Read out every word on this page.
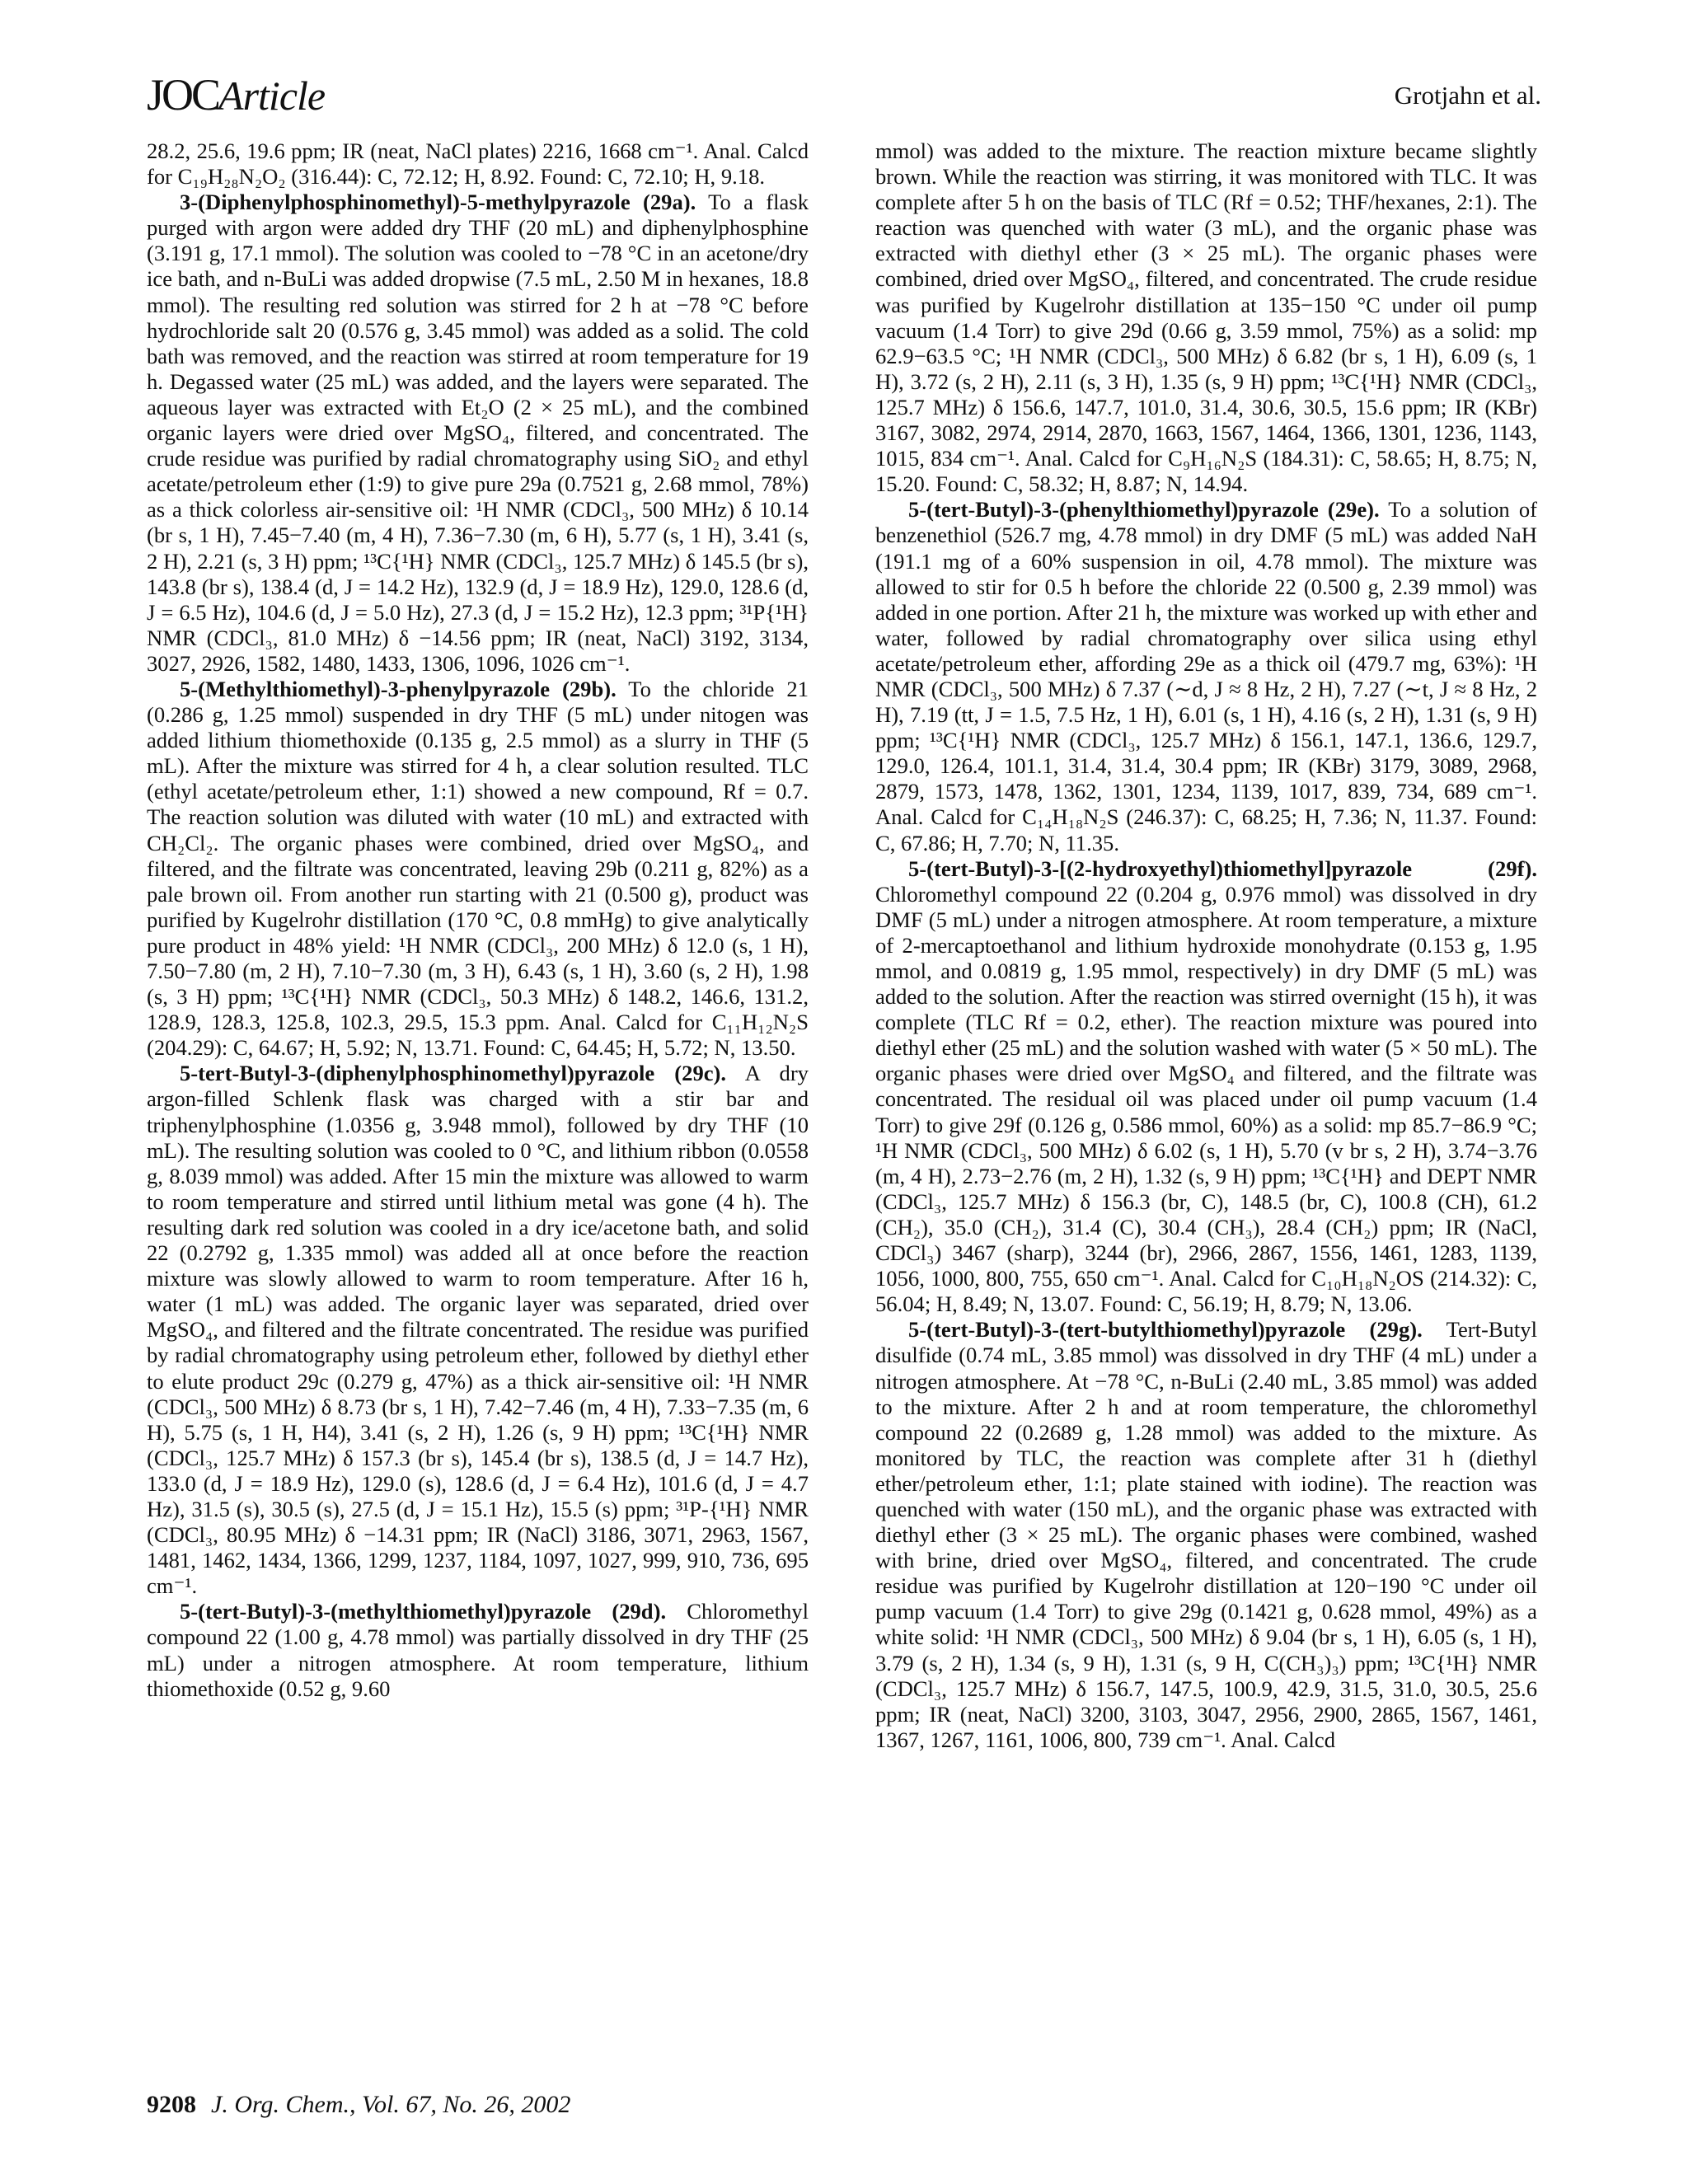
JOCArticle	Grotjahn et al.

28.2, 25.6, 19.6 ppm; IR (neat, NaCl plates) 2216, 1668 cm⁻¹. Anal. Calcd for C₁₉H₂₈N₂O₂ (316.44): C, 72.12; H, 8.92. Found: C, 72.10; H, 9.18.

3-(Diphenylphosphinomethyl)-5-methylpyrazole (29a). To a flask purged with argon were added dry THF (20 mL) and diphenylphosphine (3.191 g, 17.1 mmol). The solution was cooled to −78 °C in an acetone/dry ice bath, and n-BuLi was added dropwise (7.5 mL, 2.50 M in hexanes, 18.8 mmol). The resulting red solution was stirred for 2 h at −78 °C before hydrochloride salt 20 (0.576 g, 3.45 mmol) was added as a solid. The cold bath was removed, and the reaction was stirred at room temperature for 19 h. Degassed water (25 mL) was added, and the layers were separated. The aqueous layer was extracted with Et₂O (2 × 25 mL), and the combined organic layers were dried over MgSO₄, filtered, and concentrated. The crude residue was purified by radial chromatography using SiO₂ and ethyl acetate/petroleum ether (1:9) to give pure 29a (0.7521 g, 2.68 mmol, 78%) as a thick colorless air-sensitive oil: ¹H NMR (CDCl₃, 500 MHz) δ 10.14 (br s, 1 H), 7.45−7.40 (m, 4 H), 7.36−7.30 (m, 6 H), 5.77 (s, 1 H), 3.41 (s, 2 H), 2.21 (s, 3 H) ppm; ¹³C{¹H} NMR (CDCl₃, 125.7 MHz) δ 145.5 (br s), 143.8 (br s), 138.4 (d, J = 14.2 Hz), 132.9 (d, J = 18.9 Hz), 129.0, 128.6 (d, J = 6.5 Hz), 104.6 (d, J = 5.0 Hz), 27.3 (d, J = 15.2 Hz), 12.3 ppm; ³¹P{¹H} NMR (CDCl₃, 81.0 MHz) δ −14.56 ppm; IR (neat, NaCl) 3192, 3134, 3027, 2926, 1582, 1480, 1433, 1306, 1096, 1026 cm⁻¹.

5-(Methylthiomethyl)-3-phenylpyrazole (29b). To the chloride 21 (0.286 g, 1.25 mmol) suspended in dry THF (5 mL) under nitogen was added lithium thiomethoxide (0.135 g, 2.5 mmol) as a slurry in THF (5 mL). After the mixture was stirred for 4 h, a clear solution resulted. TLC (ethyl acetate/petroleum ether, 1:1) showed a new compound, Rf = 0.7. The reaction solution was diluted with water (10 mL) and extracted with CH₂Cl₂. The organic phases were combined, dried over MgSO₄, and filtered, and the filtrate was concentrated, leaving 29b (0.211 g, 82%) as a pale brown oil. From another run starting with 21 (0.500 g), product was purified by Kugelrohr distillation (170 °C, 0.8 mmHg) to give analytically pure product in 48% yield: ¹H NMR (CDCl₃, 200 MHz) δ 12.0 (s, 1 H), 7.50−7.80 (m, 2 H), 7.10−7.30 (m, 3 H), 6.43 (s, 1 H), 3.60 (s, 2 H), 1.98 (s, 3 H) ppm; ¹³C{¹H} NMR (CDCl₃, 50.3 MHz) δ 148.2, 146.6, 131.2, 128.9, 128.3, 125.8, 102.3, 29.5, 15.3 ppm. Anal. Calcd for C₁₁H₁₂N₂S (204.29): C, 64.67; H, 5.92; N, 13.71. Found: C, 64.45; H, 5.72; N, 13.50.

5-tert-Butyl-3-(diphenylphosphinomethyl)pyrazole (29c). A dry argon-filled Schlenk flask was charged with a stir bar and triphenylphosphine (1.0356 g, 3.948 mmol), followed by dry THF (10 mL). The resulting solution was cooled to 0 °C, and lithium ribbon (0.0558 g, 8.039 mmol) was added. After 15 min the mixture was allowed to warm to room temperature and stirred until lithium metal was gone (4 h). The resulting dark red solution was cooled in a dry ice/acetone bath, and solid 22 (0.2792 g, 1.335 mmol) was added all at once before the reaction mixture was slowly allowed to warm to room temperature. After 16 h, water (1 mL) was added. The organic layer was separated, dried over MgSO₄, and filtered and the filtrate concentrated. The residue was purified by radial chromatography using petroleum ether, followed by diethyl ether to elute product 29c (0.279 g, 47%) as a thick air-sensitive oil: ¹H NMR (CDCl₃, 500 MHz) δ 8.73 (br s, 1 H), 7.42−7.46 (m, 4 H), 7.33−7.35 (m, 6 H), 5.75 (s, 1 H, H4), 3.41 (s, 2 H), 1.26 (s, 9 H) ppm; ¹³C{¹H} NMR (CDCl₃, 125.7 MHz) δ 157.3 (br s), 145.4 (br s), 138.5 (d, J = 14.7 Hz), 133.0 (d, J = 18.9 Hz), 129.0 (s), 128.6 (d, J = 6.4 Hz), 101.6 (d, J = 4.7 Hz), 31.5 (s), 30.5 (s), 27.5 (d, J = 15.1 Hz), 15.5 (s) ppm; ³¹P-{¹H} NMR (CDCl₃, 80.95 MHz) δ −14.31 ppm; IR (NaCl) 3186, 3071, 2963, 1567, 1481, 1462, 1434, 1366, 1299, 1237, 1184, 1097, 1027, 999, 910, 736, 695 cm⁻¹.

5-(tert-Butyl)-3-(methylthiomethyl)pyrazole (29d). Chloromethyl compound 22 (1.00 g, 4.78 mmol) was partially dissolved in dry THF (25 mL) under a nitrogen atmosphere. At room temperature, lithium thiomethoxide (0.52 g, 9.60

mmol) was added to the mixture. The reaction mixture became slightly brown. While the reaction was stirring, it was monitored with TLC. It was complete after 5 h on the basis of TLC (Rf = 0.52; THF/hexanes, 2:1). The reaction was quenched with water (3 mL), and the organic phase was extracted with diethyl ether (3 × 25 mL). The organic phases were combined, dried over MgSO₄, filtered, and concentrated. The crude residue was purified by Kugelrohr distillation at 135−150 °C under oil pump vacuum (1.4 Torr) to give 29d (0.66 g, 3.59 mmol, 75%) as a solid: mp 62.9−63.5 °C; ¹H NMR (CDCl₃, 500 MHz) δ 6.82 (br s, 1 H), 6.09 (s, 1 H), 3.72 (s, 2 H), 2.11 (s, 3 H), 1.35 (s, 9 H) ppm; ¹³C{¹H} NMR (CDCl₃, 125.7 MHz) δ 156.6, 147.7, 101.0, 31.4, 30.6, 30.5, 15.6 ppm; IR (KBr) 3167, 3082, 2974, 2914, 2870, 1663, 1567, 1464, 1366, 1301, 1236, 1143, 1015, 834 cm⁻¹. Anal. Calcd for C₉H₁₆N₂S (184.31): C, 58.65; H, 8.75; N, 15.20. Found: C, 58.32; H, 8.87; N, 14.94.

5-(tert-Butyl)-3-(phenylthiomethyl)pyrazole (29e). To a solution of benzenethiol (526.7 mg, 4.78 mmol) in dry DMF (5 mL) was added NaH (191.1 mg of a 60% suspension in oil, 4.78 mmol). The mixture was allowed to stir for 0.5 h before the chloride 22 (0.500 g, 2.39 mmol) was added in one portion. After 21 h, the mixture was worked up with ether and water, followed by radial chromatography over silica using ethyl acetate/petroleum ether, affording 29e as a thick oil (479.7 mg, 63%): ¹H NMR (CDCl₃, 500 MHz) δ 7.37 (∼d, J ≈ 8 Hz, 2 H), 7.27 (∼t, J ≈ 8 Hz, 2 H), 7.19 (tt, J = 1.5, 7.5 Hz, 1 H), 6.01 (s, 1 H), 4.16 (s, 2 H), 1.31 (s, 9 H) ppm; ¹³C{¹H} NMR (CDCl₃, 125.7 MHz) δ 156.1, 147.1, 136.6, 129.7, 129.0, 126.4, 101.1, 31.4, 31.4, 30.4 ppm; IR (KBr) 3179, 3089, 2968, 2879, 1573, 1478, 1362, 1301, 1234, 1139, 1017, 839, 734, 689 cm⁻¹. Anal. Calcd for C₁₄H₁₈N₂S (246.37): C, 68.25; H, 7.36; N, 11.37. Found: C, 67.86; H, 7.70; N, 11.35.

5-(tert-Butyl)-3-[(2-hydroxyethyl)thiomethyl]pyrazole (29f). Chloromethyl compound 22 (0.204 g, 0.976 mmol) was dissolved in dry DMF (5 mL) under a nitrogen atmosphere. At room temperature, a mixture of 2-mercaptoethanol and lithium hydroxide monohydrate (0.153 g, 1.95 mmol, and 0.0819 g, 1.95 mmol, respectively) in dry DMF (5 mL) was added to the solution. After the reaction was stirred overnight (15 h), it was complete (TLC Rf = 0.2, ether). The reaction mixture was poured into diethyl ether (25 mL) and the solution washed with water (5 × 50 mL). The organic phases were dried over MgSO₄ and filtered, and the filtrate was concentrated. The residual oil was placed under oil pump vacuum (1.4 Torr) to give 29f (0.126 g, 0.586 mmol, 60%) as a solid: mp 85.7−86.9 °C; ¹H NMR (CDCl₃, 500 MHz) δ 6.02 (s, 1 H), 5.70 (v br s, 2 H), 3.74−3.76 (m, 4 H), 2.73−2.76 (m, 2 H), 1.32 (s, 9 H) ppm; ¹³C{¹H} and DEPT NMR (CDCl₃, 125.7 MHz) δ 156.3 (br, C), 148.5 (br, C), 100.8 (CH), 61.2 (CH₂), 35.0 (CH₂), 31.4 (C), 30.4 (CH₃), 28.4 (CH₂) ppm; IR (NaCl, CDCl₃) 3467 (sharp), 3244 (br), 2966, 2867, 1556, 1461, 1283, 1139, 1056, 1000, 800, 755, 650 cm⁻¹. Anal. Calcd for C₁₀H₁₈N₂OS (214.32): C, 56.04; H, 8.49; N, 13.07. Found: C, 56.19; H, 8.79; N, 13.06.

5-(tert-Butyl)-3-(tert-butylthiomethyl)pyrazole (29g). Tert-Butyl disulfide (0.74 mL, 3.85 mmol) was dissolved in dry THF (4 mL) under a nitrogen atmosphere. At −78 °C, n-BuLi (2.40 mL, 3.85 mmol) was added to the mixture. After 2 h and at room temperature, the chloromethyl compound 22 (0.2689 g, 1.28 mmol) was added to the mixture. As monitored by TLC, the reaction was complete after 31 h (diethyl ether/petroleum ether, 1:1; plate stained with iodine). The reaction was quenched with water (150 mL), and the organic phase was extracted with diethyl ether (3 × 25 mL). The organic phases were combined, washed with brine, dried over MgSO₄, filtered, and concentrated. The crude residue was purified by Kugelrohr distillation at 120−190 °C under oil pump vacuum (1.4 Torr) to give 29g (0.1421 g, 0.628 mmol, 49%) as a white solid: ¹H NMR (CDCl₃, 500 MHz) δ 9.04 (br s, 1 H), 6.05 (s, 1 H), 3.79 (s, 2 H), 1.34 (s, 9 H), 1.31 (s, 9 H, C(CH₃)₃) ppm; ¹³C{¹H} NMR (CDCl₃, 125.7 MHz) δ 156.7, 147.5, 100.9, 42.9, 31.5, 31.0, 30.5, 25.6 ppm; IR (neat, NaCl) 3200, 3103, 3047, 2956, 2900, 2865, 1567, 1461, 1367, 1267, 1161, 1006, 800, 739 cm⁻¹. Anal. Calcd

9208 J. Org. Chem., Vol. 67, No. 26, 2002
